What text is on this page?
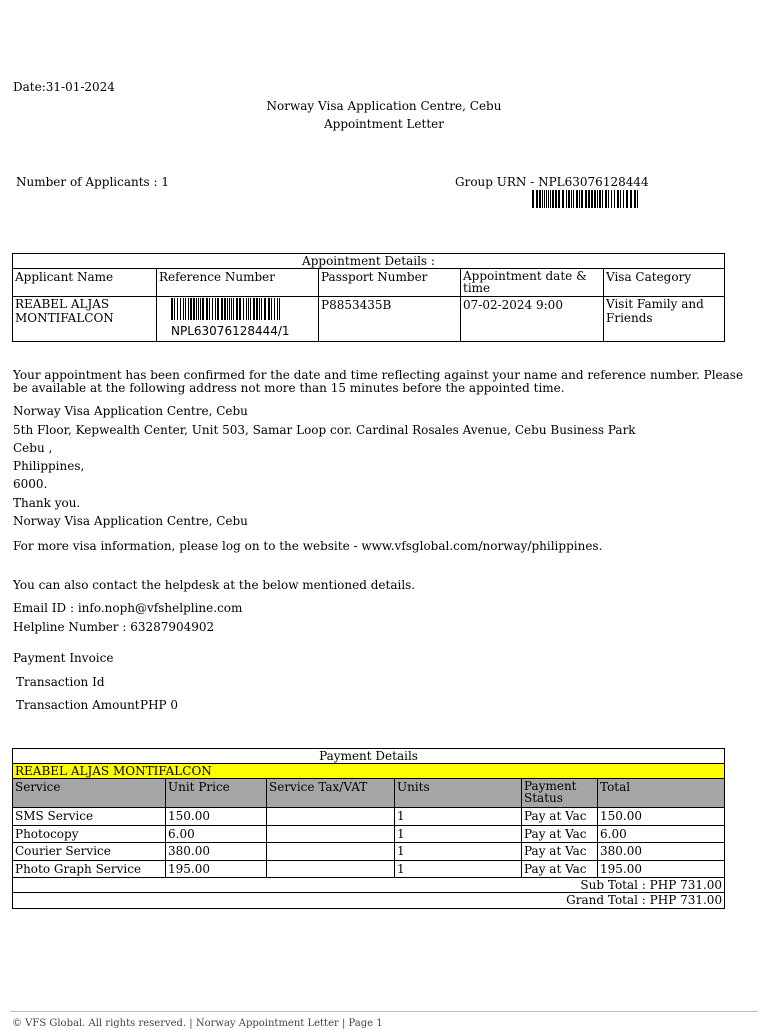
Date:31-01-2024
Norway Visa Application Centre, Cebu
Appointment Letter
Number of Applicants : 1	Group URN - NPL63076128444
Appointment Details :				
Applicant Name	Reference Number	Passport Number	Appointment date & time	Visa Category
REABEL ALJAS MONTIFALCON	NPL63076128444/1	P8853435B	07-02-2024 9:00	Visit Family and Friends
Your appointment has been confirmed for the date and time reflecting against your name and reference number. Please be available at the following address not more than 15 minutes before the appointed time.
Norway Visa Application Centre, Cebu
5th Floor, Kepwealth Center, Unit 503, Samar Loop cor. Cardinal Rosales Avenue, Cebu Business Park
Cebu ,
Philippines,
6000.
Thank you.
Norway Visa Application Centre, Cebu
For more visa information, please log on to the website - www.vfsglobal.com/norway/philippines.
You can also contact the helpdesk at the below mentioned details.
Email ID : info.noph@vfshelpline.com
Helpline Number : 63287904902
Payment Invoice
Transaction Id
Transaction Amount PHP 0
Payment Details					
REABEL ALJAS MONTIFALCON					
Service	Unit Price	Service Tax/VAT	Units	Payment Status	Total
SMS Service	150.00		1	Pay at Vac	150.00
Photocopy	6.00		1	Pay at Vac	6.00
Courier Service	380.00		1	Pay at Vac	380.00
Photo Graph Service	195.00		1	Pay at Vac	195.00
Sub Total : PHP 731.00					
Grand Total : PHP 731.00					
© VFS Global. All rights reserved. | Norway Appointment Letter | Page 1
